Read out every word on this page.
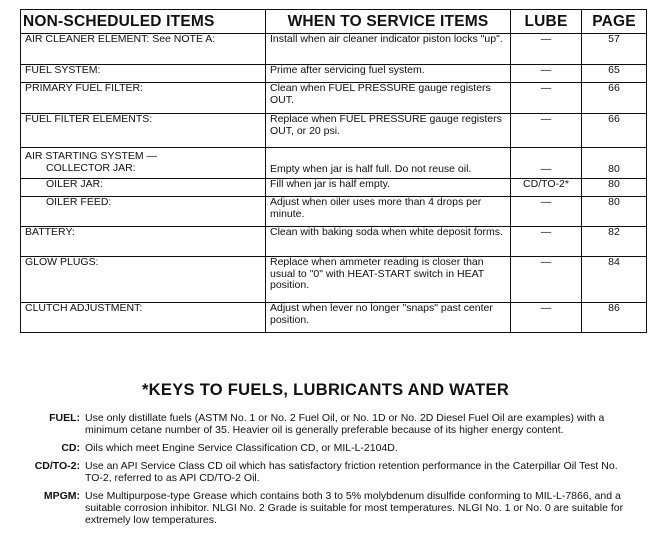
NON-SCHEDULED ITEMS	WHEN TO SERVICE ITEMS	LUBE	PAGE
AIR CLEANER ELEMENT: See NOTE A:	Install when air cleaner indicator piston locks "up".	—	57
FUEL SYSTEM:	Prime after servicing fuel system.	—	65
PRIMARY FUEL FILTER:	Clean when FUEL PRESSURE gauge registers OUT.	—	66
FUEL FILTER ELEMENTS:	Replace when FUEL PRESSURE gauge registers OUT, or 20 psi.	—	66

AIR STARTING SYSTEM —
COLLECTOR JAR:	Empty when jar is half full. Do not reuse oil.	—	80

OILER JAR:	Fill when jar is half empty.	CD/TO-2*	80

OILER FEED:	Adjust when oiler uses more than 4 drops per minute.	—	80
BATTERY:	Clean with baking soda when white deposit forms.	—	82
GLOW PLUGS:	Replace when ammeter reading is closer than usual to "0" with HEAT-START switch in HEAT position.	—	84
CLUTCH ADJUSTMENT:	Adjust when lever no longer "snaps" past center position.	—	86
*KEYS TO FUELS, LUBRICANTS AND WATER
FUEL: Use only distillate fuels (ASTM No. 1 or No. 2 Fuel Oil, or No. 1D or No. 2D Diesel Fuel Oil are examples) with a minimum cetane number of 35. Heavier oil is generally preferable because of its higher energy content.
CD: Oils which meet Engine Service Classification CD, or MIL-L-2104D.
CD/TO-2: Use an API Service Class CD oil which has satisfactory friction retention performance in the Caterpillar Oil Test No. TO-2, referred to as API CD/TO-2 Oil.
MPGM: Use Multipurpose-type Grease which contains both 3 to 5% molybdenum disulfide conforming to MIL-L-7866, and a suitable corrosion inhibitor. NLGI No. 2 Grade is suitable for most temperatures. NLGI No. 1 or No. 0 are suitable for extremely low temperatures.
